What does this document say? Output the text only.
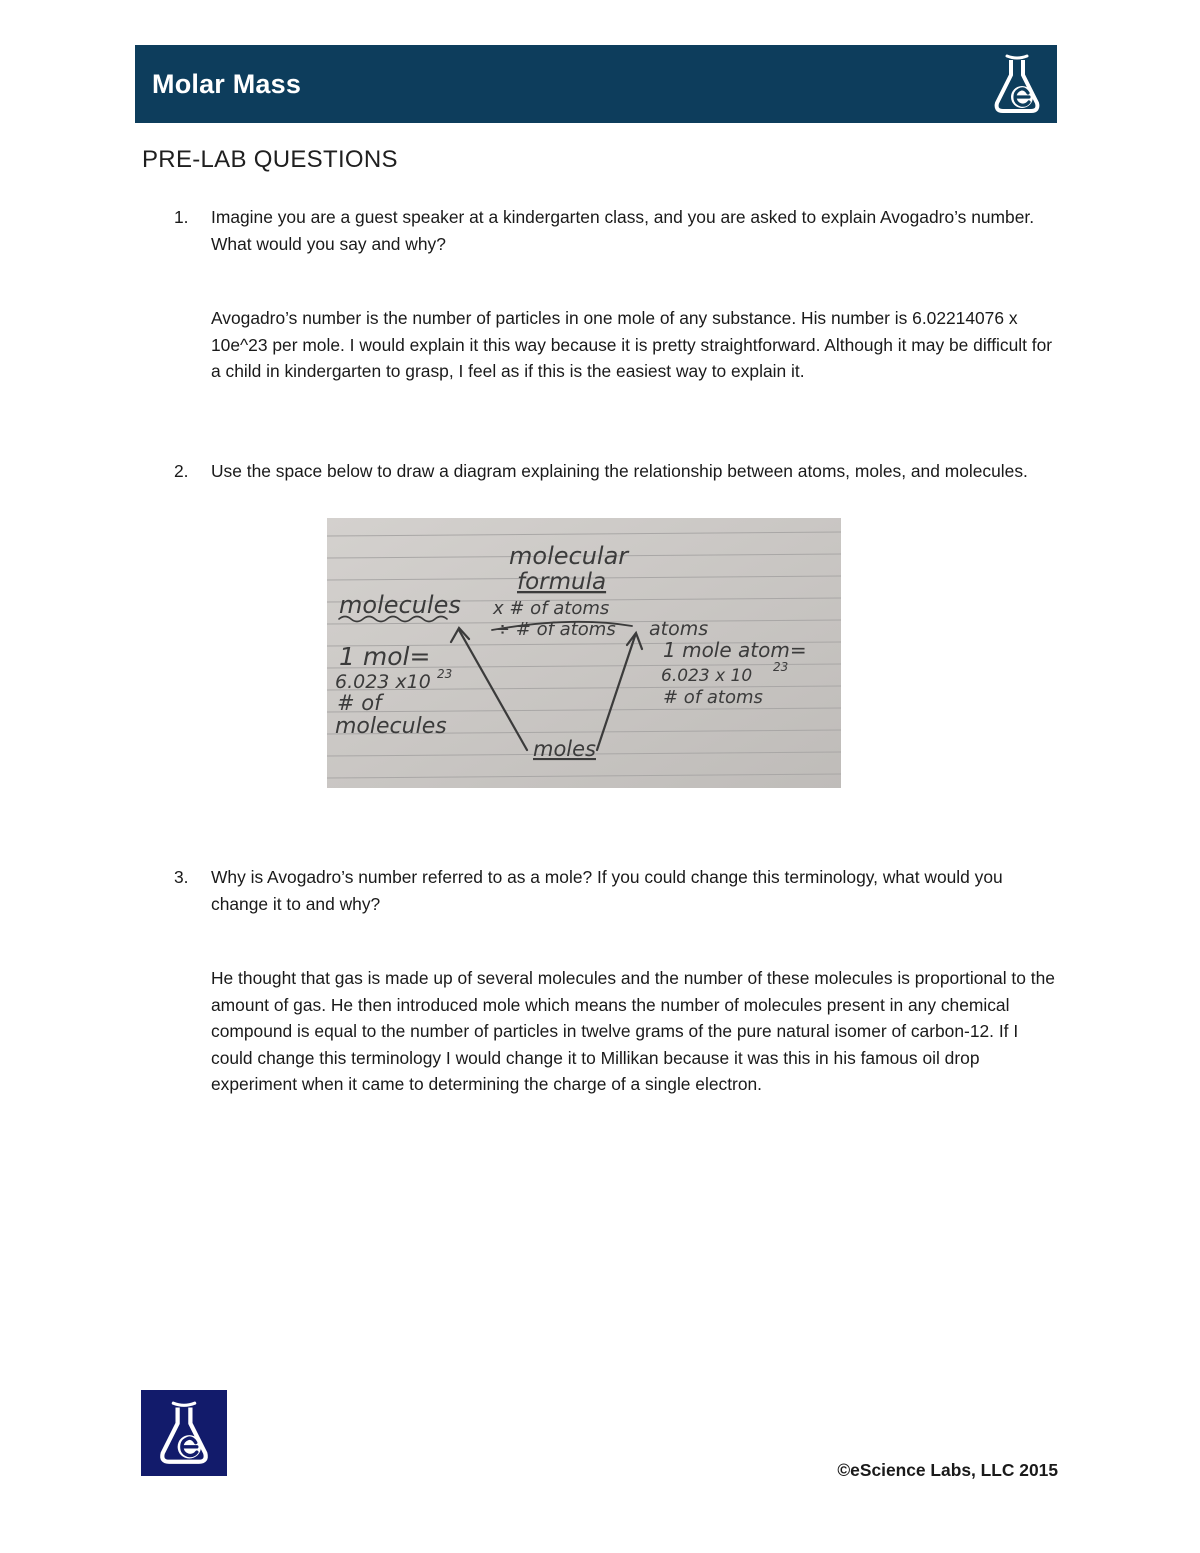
Molar Mass
PRE-LAB QUESTIONS
1.	Imagine you are a guest speaker at a kindergarten class, and you are asked to explain Avogadro’s number. What would you say and why?
Avogadro’s number is the number of particles in one mole of any substance. His number is 6.02214076 x 10e^23 per mole. I would explain it this way because it is pretty straightforward. Although it may be difficult for a child in kindergarten to grasp, I feel as if this is the easiest way to explain it.
2.	Use the space below to draw a diagram explaining the relationship between atoms, moles, and molecules.
molecular
formula
x # of atoms
÷ # of atoms atoms
molecules
1 mol=
6.023 x10 23
# of
molecules
1 mole atom=
6.023 x 10 23
# of atoms
moles
3.	Why is Avogadro’s number referred to as a mole? If you could change this terminology, what would you change it to and why?
He thought that gas is made up of several molecules and the number of these molecules is proportional to the amount of gas. He then introduced mole which means the number of molecules present in any chemical compound is equal to the number of particles in twelve grams of the pure natural isomer of carbon-12. If I could change this terminology I would change it to Millikan because it was this in his famous oil drop experiment when it came to determining the charge of a single electron.
©eScience Labs, LLC 2015
